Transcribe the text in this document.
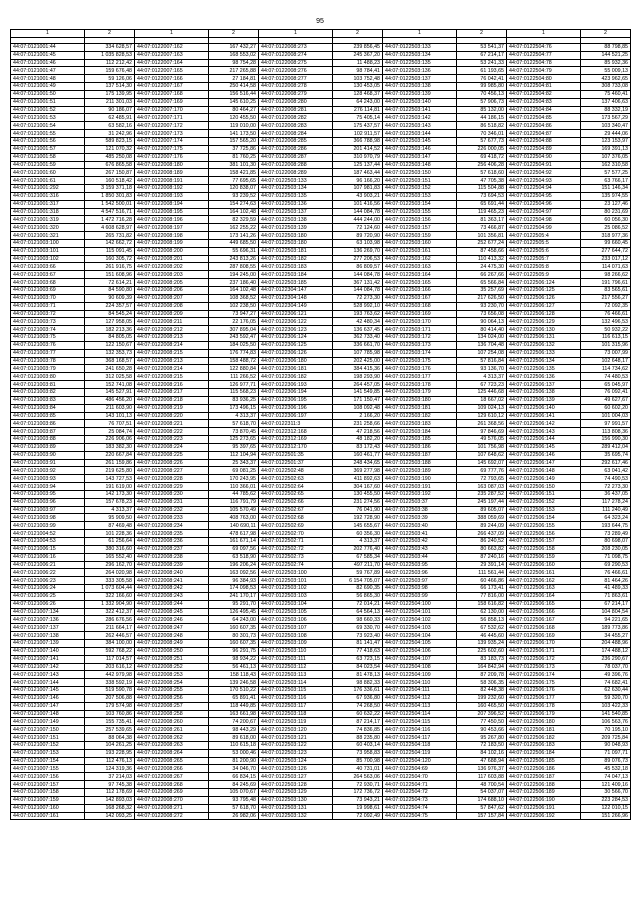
95
1	2	1	2	1	2	1	2	1	2

44:07:0121001:44	334 628,57	44:07:0122007:162	167 432,27	44:07:0122008:273	239 856,45	44:07:0122503:133	53 541,37	44:07:0122504:76	88 798,85
44:07:0121001:45	1 035 828,53	44:07:0122007:163	168 553,02	44:07:0122008:274	245 367,20	44:07:0122503:134	67 214,17	44:07:0122504:77	144 521,25
44:07:0121001:46	112 212,42	44:07:0122007:164	98 754,28	44:07:0122008:275	11 488,23	44:07:0122503:135	53 241,33	44:07:0122504:78	85 932,36
44:07:0121001:47	159 676,48	44:07:0122007:165	217 265,88	44:07:0122008:276	98 784,41	44:07:0122503:136	61 193,65	44:07:0122504:79	55 009,13
44:07:0121001:48	59 126,06	44:07:0122007:166	27 184,81	44:07:0122008:277	103 752,48	44:07:0122503:137	76 042,41	44:07:0122504:80	423 962,65
44:07:0121001:49	137 514,30	44:07:0122007:167	250 414,58	44:07:0122008:278	130 453,05	44:07:0122503:138	99 985,80	44:07:0122504:81	308 733,08
44:07:0121001:50	175 139,95	44:07:0122007:168	156 516,44	44:07:0122008:279	128 468,37	44:07:0122503:139	70 456,13	44:07:0122504:82	75 460,41
44:07:0121001:51	211 301,03	44:07:0122007:169	145 610,25	44:07:0122008:280	64 243,00	44:07:0122503:140	57 906,73	44:07:0122504:83	137 406,63
44:07:0121001:52	90 186,07	44:07:0122007:170	80 464,27	44:07:0122008:281	276 114,81	44:07:0122503:141	85 132,00	44:07:0122504:84	88 332,19
44:07:0121001:53	62 485,91	44:07:0122007:171	120 455,50	44:07:0122008:282	75 405,14	44:07:0122503:142	44 186,15	44:07:0122504:85	173 567,29
44:07:0121001:54	63 582,16	44:07:0122007:172	119 010,00	44:07:0122008:283	175 437,57	44:07:0122503:143	86 518,82	44:07:0122504:86	103 340,47
44:07:0121001:55	31 242,96	44:07:0122007:173	141 173,50	44:07:0122008:284	102 911,57	44:07:0122503:144	70 346,01	44:07:0122504:87	29 444,06
44:07:0121001:56	589 823,15	44:07:0122007:174	157 565,20	44:07:0122008:285	366 788,98	44:07:0122503:145	57 677,73	44:07:0122504:88	123 153,97
44:07:0121001:57	121 070,32	44:07:0122007:175	37 725,86	44:07:0122008:286	201 414,52	44:07:0122503:146	226 000,05	44:07:0122504:89	169 391,13
44:07:0121001:58	485 250,08	44:07:0122007:176	81 760,25	44:07:0122008:287	310 970,79	44:07:0122503:147	69 418,72	44:07:0122504:90	107 376,05
44:07:0121001:59	676 865,58	44:07:0122008:180	381 101,30	44:07:0122008:288	125 137,44	44:07:0122503:148	256 406,28	44:07:0122504:91	162 310,58
44:07:0121001:60	267 150,87	44:07:0122008:189	158 421,85	44:07:0122008:289	187 463,44	44:07:0122503:150	57 618,60	44:07:0122504:92	57 577,25
44:07:0121001:61	160 518,42	44:07:0122008:191	77 695,65	44:07:0122503:133	96 166,20	44:07:0122503:151	47 705,38	44:07:0122504:93	63 766,17
44:07:0121001:292	3 159 371,18	44:07:0122008:192	120 838,07	44:07:0122503:134	107 981,83	44:07:0122503:152	115 504,88	44:07:0122504:94	151 146,34
44:07:0121001:316	1 850 301,83	44:07:0122008:193	93 239,52	44:07:0122503:135	43 903,21	44:07:0122503:153	73 694,53	44:07:0122504:95	135 974,55
44:07:0121001:317	1 542 500,01	44:07:0122008:194	154 274,63	44:07:0122503:136	101 416,56	44:07:0122503:154	65 691,44	44:07:0122504:96	23 127,46
44:07:0121001:318	4 547 516,71	44:07:0122008:195	164 102,48	44:07:0122503:137	144 084,78	44:07:0122503:155	119 465,23	44:07:0122504:97	80 231,69
44:07:0121001:319	1 472 716,28	44:07:0122008:196	82 329,59	44:07:0122503:138	444 244,00	44:07:0122503:156	81 363,17	44:07:0122504:98	60 056,30
44:07:0121001:320	4 608 628,97	44:07:0122008:197	162 255,22	44:07:0122503:139	72 124,60	44:07:0122503:157	73 466,87	44:07:0122504:99	25 086,52
44:07:0121001:321	265 731,82	44:07:0122008:198	173 141,26	44:07:0122503:180	89 720,90	44:07:0122503:159	101 356,81	44:07:0122505:4	318 977,36
44:07:0121003:100	142 662,72	44:07:0122008:199	449 685,50	44:07:0122503:180	63 103,98	44:07:0122503:160	252 677,24	44:07:0122505:5	99 660,45
44:07:0121003:101	115 091,45	44:07:0122008:200	55 696,31	44:07:0122503:181	136 269,70	44:07:0122503:161	87 458,66	44:07:0122505:6	277 644,72
44:07:0121003:102	160 305,72	44:07:0122008:201	243 813,26	44:07:0122503:182	277 206,53	44:07:0122503:162	110 413,32	44:07:0122505:7	233 017,12
44:07:0121003:66	261 916,75	44:07:0122008:202	287 808,55	44:07:0122503:183	86 809,57	44:07:0122503:163	24 475,30	44:07:0122505:8	114 071,63
44:07:0121003:67	151 608,96	44:07:0122008:203	194 245,00	44:07:0122503:184	144 084,78	44:07:0122503:164	66 267,66	44:07:0122505:9	98 266,62
44:07:0121003:68	72 614,21	44:07:0122008:205	237 186,40	44:07:0122503:185	367 131,42	44:07:0122503:165	65 566,84	44:07:0122506:124	191 796,61
44:07:0121003:69	84 590,80	44:07:0122008:206	164 102,48	44:07:0122304:147	144 084,78	44:07:0122503:166	35 257,69	44:07:0122506:125	83 565,61
44:07:0121003:70	90 609,39	44:07:0122008:207	108 368,52	44:07:0122304:148	72 273,30	44:07:0122503:167	217 626,50	44:07:0122506:126	217 556,27
44:07:0121003:71	224 357,57	44:07:0122008:208	102 238,50	44:07:0122304:149	528 992,10	44:07:0122503:168	93 230,70	44:07:0122506:127	72 092,35
44:07:0121003:72	84 545,24	44:07:0122008:209	73 947,27	44:07:0122306:121	193 763,62	44:07:0122503:169	73 656,08	44:07:0122506:128	76 466,61
44:07:0121003:73	127 958,05	44:07:0122008:211	22 176,05	44:07:0122306:122	42 480,34	44:07:0122503:170	90 064,13	44:07:0122506:129	132 496,53
44:07:0121003:74	182 213,36	44:07:0122008:212	307 895,04	44:07:0122306:123	136 637,45	44:07:0122503:171	80 414,40	44:07:0122506:130	50 932,22
44:07:0121003:75	84 805,05	44:07:0122008:213	243 592,47	44:07:0122306:124	362 733,40	44:07:0122503:172	134 024,00	44:07:0122506:131	116 613,15
44:07:0121003:76	122 150,67	44:07:0122008:214	184 025,50	44:07:0122306:125	336 661,70	44:07:0122503:173	136 704,48	44:07:0122506:132	101 315,96
44:07:0121003:77	132 353,73	44:07:0122008:215	176 774,83	44:07:0122306:126	107 785,98	44:07:0122503:174	107 254,08	44:07:0122506:133	73 007,99
44:07:0121003:78	368 168,57	44:07:0122008:213	158 488,72	44:07:0122306:180	202 425,00	44:07:0122503:175	57 816,84	44:07:0122506:134	102 648,17
44:07:0121003:79	241 650,28	44:07:0122008:214	122 880,84	44:07:0122306:181	384 415,36	44:07:0122503:176	93 136,70	44:07:0122506:135	114 734,62
44:07:0121003:80	312 025,58	44:07:0122008:215	111 266,52	44:07:0122306:182	198 293,90	44:07:0122503:177	4 313,37	44:07:0122506:136	74 480,53
44:07:0121003:81	152 741,08	44:07:0122008:216	126 977,71	44:07:0122306:193	264 457,05	44:07:0122503:178	67 723,23	44:07:0122506:137	65 045,97
44:07:0121003:82	145 527,91	44:07:0122008:217	115 568,23	44:07:0122306:194	141 549,85	44:07:0122503:179	125 446,68	44:07:0122506:138	76 092,41
44:07:0121003:83	486 456,20	44:07:0122008:218	83 936,25	44:07:0122306:195	171 150,47	44:07:0122503:180	18 667,02	44:07:0122506:139	49 627,67
44:07:0121003:84	211 603,90	44:07:0122008:219	173 496,15	44:07:0122306:196	108 092,48	44:07:0122503:181	109 024,13	44:07:0122506:140	60 602,20
44:07:0121003:85	143 101,13	44:07:0122008:220	4 313,37	44:07:0122306:197	2 166,20	44:07:0122503:182	129 610,12	44:07:0122506:141	101 004,03
44:07:0121003:86	76 707,51	44:07:0122008:221	57 618,70	44:07:0122311:3	231 258,66	44:07:0122503:183	261 368,56	44:07:0122506:142	97 991,57
44:07:0121003:87	25 084,74	44:07:0122008:222	73 870,45	44:07:0122312:168	47 218,56	44:07:0122503:184	97 846,69	44:07:0122506:143	113 808,36
44:07:0121003:88	226 906,06	44:07:0122008:223	125 273,65	44:07:0122312:169	48 182,20	44:07:0122503:185	49 576,05	44:07:0122506:144	156 990,30
44:07:0121003:89	183 382,30	44:07:0122008:224	95 397,65	44:07:0122312:170	83 172,43	44:07:0122503:186	101 756,98	44:07:0122506:145	289 412,04
44:07:0121003:90	220 667,84	44:07:0122008:225	112 104,94	44:07:0122501:35	160 461,77	44:07:0122503:187	107 648,62	44:07:0122506:146	35 695,74
44:07:0121003:91	261 159,86	44:07:0122008:226	25 343,37	44:07:0122501:37	248 434,65	44:07:0122503:188	145 692,07	44:07:0122506:147	292 617,46
44:07:0121003:92	219 625,80	44:07:0122008:227	69 081,25	44:07:0122502:48	369 277,98	44:07:0122503:189	69 777,76	44:07:0122506:148	63 041,42
44:07:0121003:93	143 727,53	44:07:0122008:228	170 243,95	44:07:0122502:63	411 892,63	44:07:0122503:190	72 793,65	44:07:0122506:149	74 490,53
44:07:0121003:94	191 619,00	44:07:0122008:229	110 366,01	44:07:0122502:64	304 167,60	44:07:0122503:191	163 087,03	44:07:0122506:150	72 273,30
44:07:0121003:95	142 173,30	44:07:0122008:230	44 785,62	44:07:0122502:65	130 455,50	44:07:0122503:192	235 287,52	44:07:0122506:151	36 437,05
44:07:0121003:96	157 678,23	44:07:0122008:231	116 791,79	44:07:0122502:66	231 274,56	44:07:0122503:37	245 197,44	44:07:0122506:152	117 278,24
44:07:0121003:97	4 313,37	44:07:0122008:232	105 570,49	44:07:0122502:67	76 041,90	44:07:0122503:38	89 605,07	44:07:0122506:153	111 240,49
44:07:0121003:98	95 909,50	44:07:0122008:233	408 763,00	44:07:0122502:68	192 728,90	44:07:0122503:39	388 059,69	44:07:0122506:154	64 323,24
44:07:0121003:99	87 469,48	44:07:0122008:234	140 690,11	44:07:0122502:69	145 655,67	44:07:0122503:40	89 244,09	44:07:0122506:155	193 644,75
44:07:0121004:52	101 228,36	44:07:0122008:235	478 617,98	44:07:0122502:70	60 356,30	44:07:0122503:41	266 437,09	44:07:0122506:156	73 289,49
44:07:0121004:53	61 256,64	44:07:0122008:236	161 671,14	44:07:0122502:71	4 313,37	44:07:0122503:42	86 240,52	44:07:0122506:157	80 698,07
44:07:0121006:15	380 316,60	44:07:0122008:237	69 097,56	44:07:0122502:72	202 776,40	44:07:0122503:43	80 663,82	44:07:0122506:158	208 230,05
44:07:0121006:16	165 552,40	44:07:0122008:238	63 518,90	44:07:0122502:73	67 585,34	44:07:0122503:44	87 240,16	44:07:0122506:159	71 098,75
44:07:0121006:21	296 162,70	44:07:0122008:239	196 206,24	44:07:0122502:74	497 211,70	44:07:0122503:95	29 391,14	44:07:0122506:160	69 290,53
44:07:0121006:22	264 020,98	44:07:0122008:240	163 092,56	44:07:0122503:100	59 767,89	44:07:0122503:96	111 561,44	44:07:0122506:161	76 466,61
44:07:0121006:23	333 305,58	44:07:0122008:241	96 384,93	44:07:0122503:101	6 154 705,07	44:07:0122503:97	60 466,86	44:07:0122506:162	81 464,26
44:07:0121006:24	1 073 604,44	44:07:0122008:242	174 098,53	44:07:0122503:102	82 690,35	44:07:0122503:98	66 173,41	44:07:0122506:163	41 489,33
44:07:0121006:25	322 166,60	44:07:0122008:243	241 170,17	44:07:0122503:103	56 865,30	44:07:0122503:99	77 816,00	44:07:0122506:164	71 863,61
44:07:0121006:26	1 332 904,90	44:07:0122008:244	95 291,70	44:07:0122503:104	72 014,21	44:07:0122504:100	158 616,82	44:07:0122506:165	67 214,17
44:07:0121007:134	322 412,37	44:07:0122008:245	126 495,45	44:07:0122503:105	64 564,13	44:07:0122504:101	62 130,00	44:07:0122506:166	104 804,54
44:07:0121007:136	286 676,56	44:07:0122008:246	64 243,00	44:07:0122503:106	98 660,33	44:07:0122504:102	56 858,13	44:07:0122506:167	94 221,65
44:07:0121007:137	211 664,17	44:07:0122008:247	160 607,35	44:07:0122503:107	69 330,70	44:07:0122504:103	67 532,62	44:07:0122506:168	189 773,86
44:07:0121007:138	262 446,57	44:07:0122008:248	80 301,73	44:07:0122503:108	73 923,40	44:07:0122504:104	46 445,60	44:07:0122506:169	34 455,27
44:07:0121007:139	384 100,00	44:07:0122008:249	160 607,35	44:07:0122503:109	81 141,47	44:07:0122504:105	139 935,24	44:07:0122506:170	204 488,96
44:07:0121007:140	592 768,22	44:07:0122008:250	96 291,75	44:07:0122503:110	77 418,63	44:07:0122504:106	225 602,60	44:07:0122506:171	174 488,12
44:07:0121007:141	117 014,57	44:07:0122008:251	98 934,22	44:07:0122503:111	63 723,15	44:07:0122504:107	83 183,73	44:07:0122506:172	236 290,67
44:07:0121007:142	203 616,12	44:07:0122008:252	56 461,13	44:07:0122503:112	84 023,54	44:07:0122504:108	164 842,94	44:07:0122506:173	78 037,70
44:07:0121007:143	442 979,98	44:07:0122008:253	158 118,43	44:07:0122503:113	81 478,13	44:07:0122504:109	87 209,78	44:07:0122506:174	49 396,76
44:07:0121007:144	338 592,19	44:07:0122008:254	139 246,58	44:07:0122503:114	98 882,33	44:07:0122504:110	58 306,35	44:07:0122506:175	74 682,41
44:07:0121007:145	519 590,78	44:07:0122008:255	170 510,22	44:07:0122503:115	176 336,61	44:07:0122504:111	82 448,38	44:07:0122506:176	62 630,44
44:07:0121007:146	207 506,88	44:07:0122008:256	65 891,41	44:07:0122503:116	67 936,80	44:07:0122504:112	199 232,60	44:07:0122506:177	59 320,70
44:07:0121007:147	179 574,98	44:07:0122008:257	118 449,85	44:07:0122503:117	74 268,50	44:07:0122504:113	160 465,50	44:07:0122506:178	103 422,33
44:07:0121007:148	103 760,86	44:07:0122008:258	163 661,98	44:07:0122503:118	60 632,22	44:07:0122504:114	207 396,52	44:07:0122506:179	141 540,85
44:07:0121007:149	155 735,41	44:07:0122008:260	74 200,67	44:07:0122503:119	87 214,17	44:07:0122504:115	77 450,50	44:07:0122506:180	106 563,76
44:07:0121007:150	257 539,65	44:07:0122008:261	98 443,29	44:07:0122503:120	74 836,85	44:07:0122504:116	90 453,66	44:07:0122506:181	70 195,10
44:07:0121007:151	88 064,38	44:07:0122008:262	89 618,00	44:07:0122503:121	88 235,80	44:07:0122504:117	95 267,80	44:07:0122506:182	209 725,84
44:07:0121007:152	104 261,25	44:07:0122008:263	110 615,18	44:07:0122503:122	60 403,14	44:07:0122504:118	72 183,50	44:07:0122506:183	90 048,93
44:07:0121007:153	193 228,95	44:07:0122008:264	53 000,46	44:07:0122503:123	73 958,83	44:07:0122504:119	84 102,16	44:07:0122506:184	71 097,71
44:07:0121007:154	112 476,13	44:07:0122008:265	81 200,90	44:07:0122503:124	85 700,98	44:07:0122504:120	47 688,94	44:07:0122506:185	89 076,73
44:07:0121007:155	124 319,36	44:07:0122008:266	34 046,70	44:07:0122503:126	40 731,01	44:07:0122504:69	136 976,37	44:07:0122506:186	45 532,18
44:07:0121007:156	37 214,03	44:07:0122008:267	66 834,15	44:07:0122503:127	264 563,06	44:07:0122504:70	117 603,88	44:07:0122506:187	74 047,13
44:07:0121007:157	97 745,38	44:07:0122008:268	84 245,69	44:07:0122503:128	72 930,71	44:07:0122504:71	48 700,54	44:07:0122506:188	121 409,16
44:07:0121007:158	112 178,69	44:07:0122008:269	105 070,67	44:07:0122503:129	172 736,72	44:07:0122504:72	54 037,07	44:07:0122506:189	30 566,70
44:07:0121007:159	142 893,03	44:07:0122008:270	93 795,48	44:07:0122503:130	73 943,21	44:07:0122504:73	174 688,10	44:07:0122506:190	223 284,53
44:07:0121007:160	168 268,32	44:07:0122008:271	57 618,70	44:07:0122503:131	19 998,61	44:07:0122504:74	57 847,62	44:07:0122506:191	122 010,15
44:07:0121007:161	142 093,25	44:07:0122008:272	26 982,06	44:07:0122503:132	72 092,49	44:07:0122504:75	157 157,84	44:07:0122506:192	151 266,96
